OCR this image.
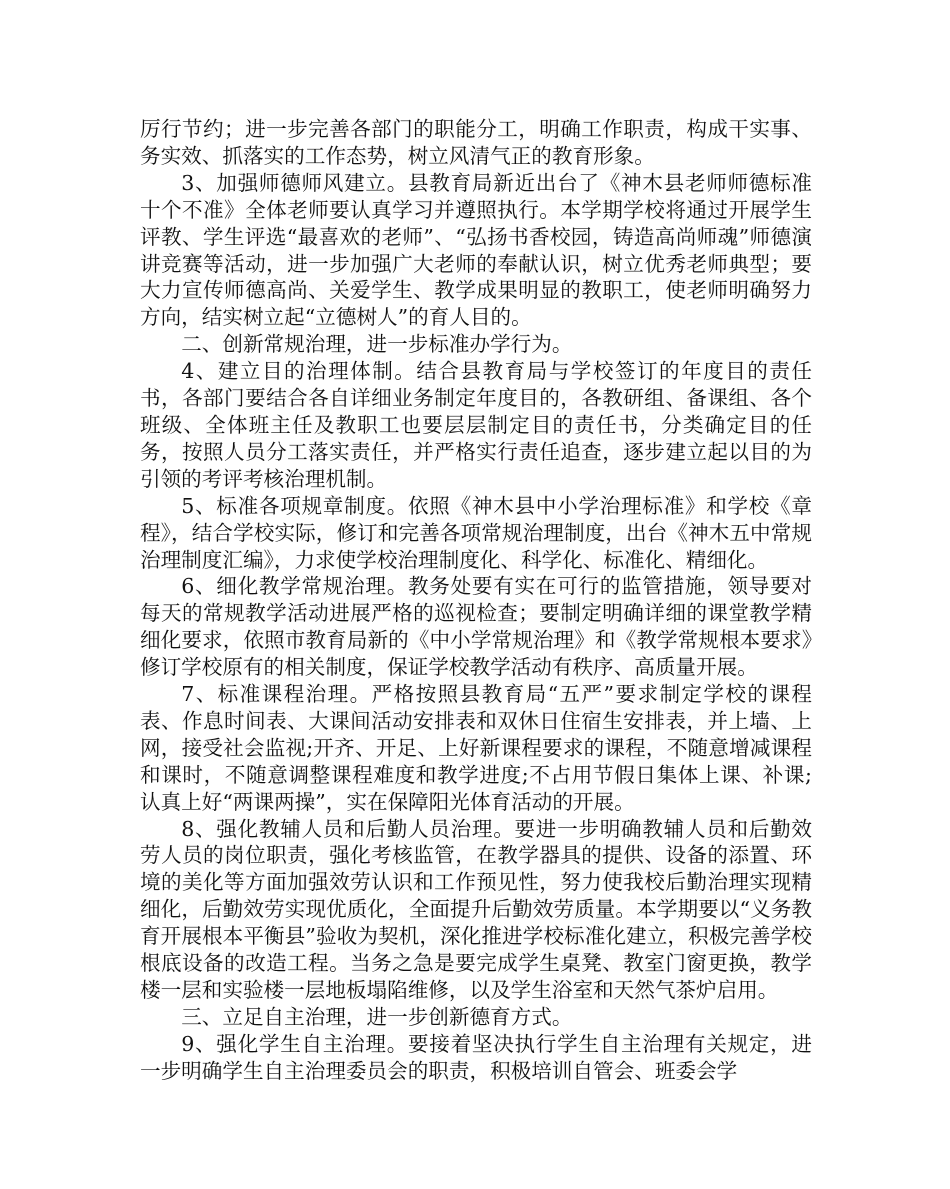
厉行节约；进一步完善各部门的职能分工，明确工作职责，构成干实事、务实效、抓落实的工作态势，树立风清气正的教育形象。

3、加强师德师风建立。县教育局新近出台了《神木县老师师德标准十个不准》全体老师要认真学习并遵照执行。本学期学校将通过开展学生评教、学生评选“最喜欢的老师”、“弘扬书香校园，铸造高尚师魂”师德演讲竞赛等活动，进一步加强广大老师的奉献认识，树立优秀老师典型；要大力宣传师德高尚、关爱学生、教学成果明显的教职工，使老师明确努力方向，结实树立起“立德树人”的育人目的。

二、创新常规治理，进一步标准办学行为。

4、建立目的治理体制。结合县教育局与学校签订的年度目的责任书，各部门要结合各自详细业务制定年度目的，各教研组、备课组、各个班级、全体班主任及教职工也要层层制定目的责任书，分类确定目的任务，按照人员分工落实责任，并严格实行责任追查，逐步建立起以目的为引领的考评考核治理机制。

5、标准各项规章制度。依照《神木县中小学治理标准》和学校《章程》，结合学校实际，修订和完善各项常规治理制度，出台《神木五中常规治理制度汇编》，力求使学校治理制度化、科学化、标准化、精细化。

6、细化教学常规治理。教务处要有实在可行的监管措施，领导要对每天的常规教学活动进展严格的巡视检查；要制定明确详细的课堂教学精细化要求，依照市教育局新的《中小学常规治理》和《教学常规根本要求》修订学校原有的相关制度，保证学校教学活动有秩序、高质量开展。

7、标准课程治理。严格按照县教育局“五严”要求制定学校的课程表、作息时间表、大课间活动安排表和双休日住宿生安排表，并上墙、上网，接受社会监视;开齐、开足、上好新课程要求的课程，不随意增减课程和课时，不随意调整课程难度和教学进度;不占用节假日集体上课、补课;认真上好“两课两操”，实在保障阳光体育活动的开展。

8、强化教辅人员和后勤人员治理。要进一步明确教辅人员和后勤效劳人员的岗位职责，强化考核监管，在教学器具的提供、设备的添置、环境的美化等方面加强效劳认识和工作预见性，努力使我校后勤治理实现精细化，后勤效劳实现优质化，全面提升后勤效劳质量。本学期要以“义务教育开展根本平衡县”验收为契机，深化推进学校标准化建立，积极完善学校根底设备的改造工程。当务之急是要完成学生桌凳、教室门窗更换，教学楼一层和实验楼一层地板塌陷维修，以及学生浴室和天然气茶炉启用。

三、立足自主治理，进一步创新德育方式。

9、强化学生自主治理。要接着坚决执行学生自主治理有关规定，进一步明确学生自主治理委员会的职责，积极培训自管会、班委会学
